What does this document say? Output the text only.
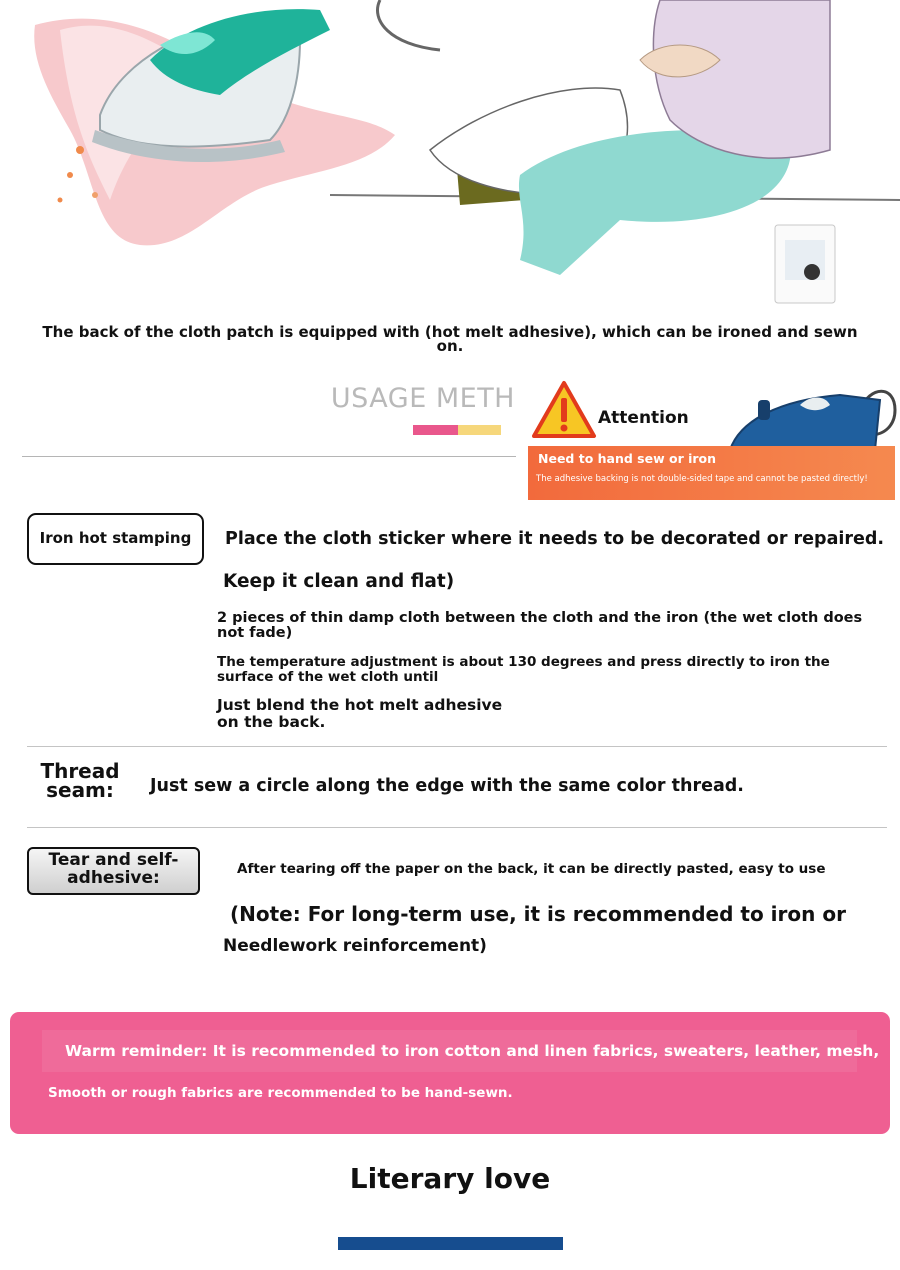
The back of the cloth patch is equipped with (hot melt adhesive), which can be ironed and sewn on.
USAGE METH
Attention
Need to hand sew or iron
The adhesive backing is not double-sided tape and cannot be pasted directly!
Iron hot stamping	Place the cloth sticker where it needs to be decorated or repaired.
Keep it clean and flat)
2 pieces of thin damp cloth between the cloth and the iron (the wet cloth does not fade)
The temperature adjustment is about 130 degrees and press directly to iron the surface of the wet cloth until
Just blend the hot melt adhesive on the back.
Thread seam:	Just sew a circle along the edge with the same color thread.
Tear and self-adhesive:	After tearing off the paper on the back, it can be directly pasted, easy to use
(Note: For long-term use, it is recommended to iron or
Needlework reinforcement)
Warm reminder: It is recommended to iron cotton and linen fabrics, sweaters, leather, mesh,
Smooth or rough fabrics are recommended to be hand-sewn.
Literary love
